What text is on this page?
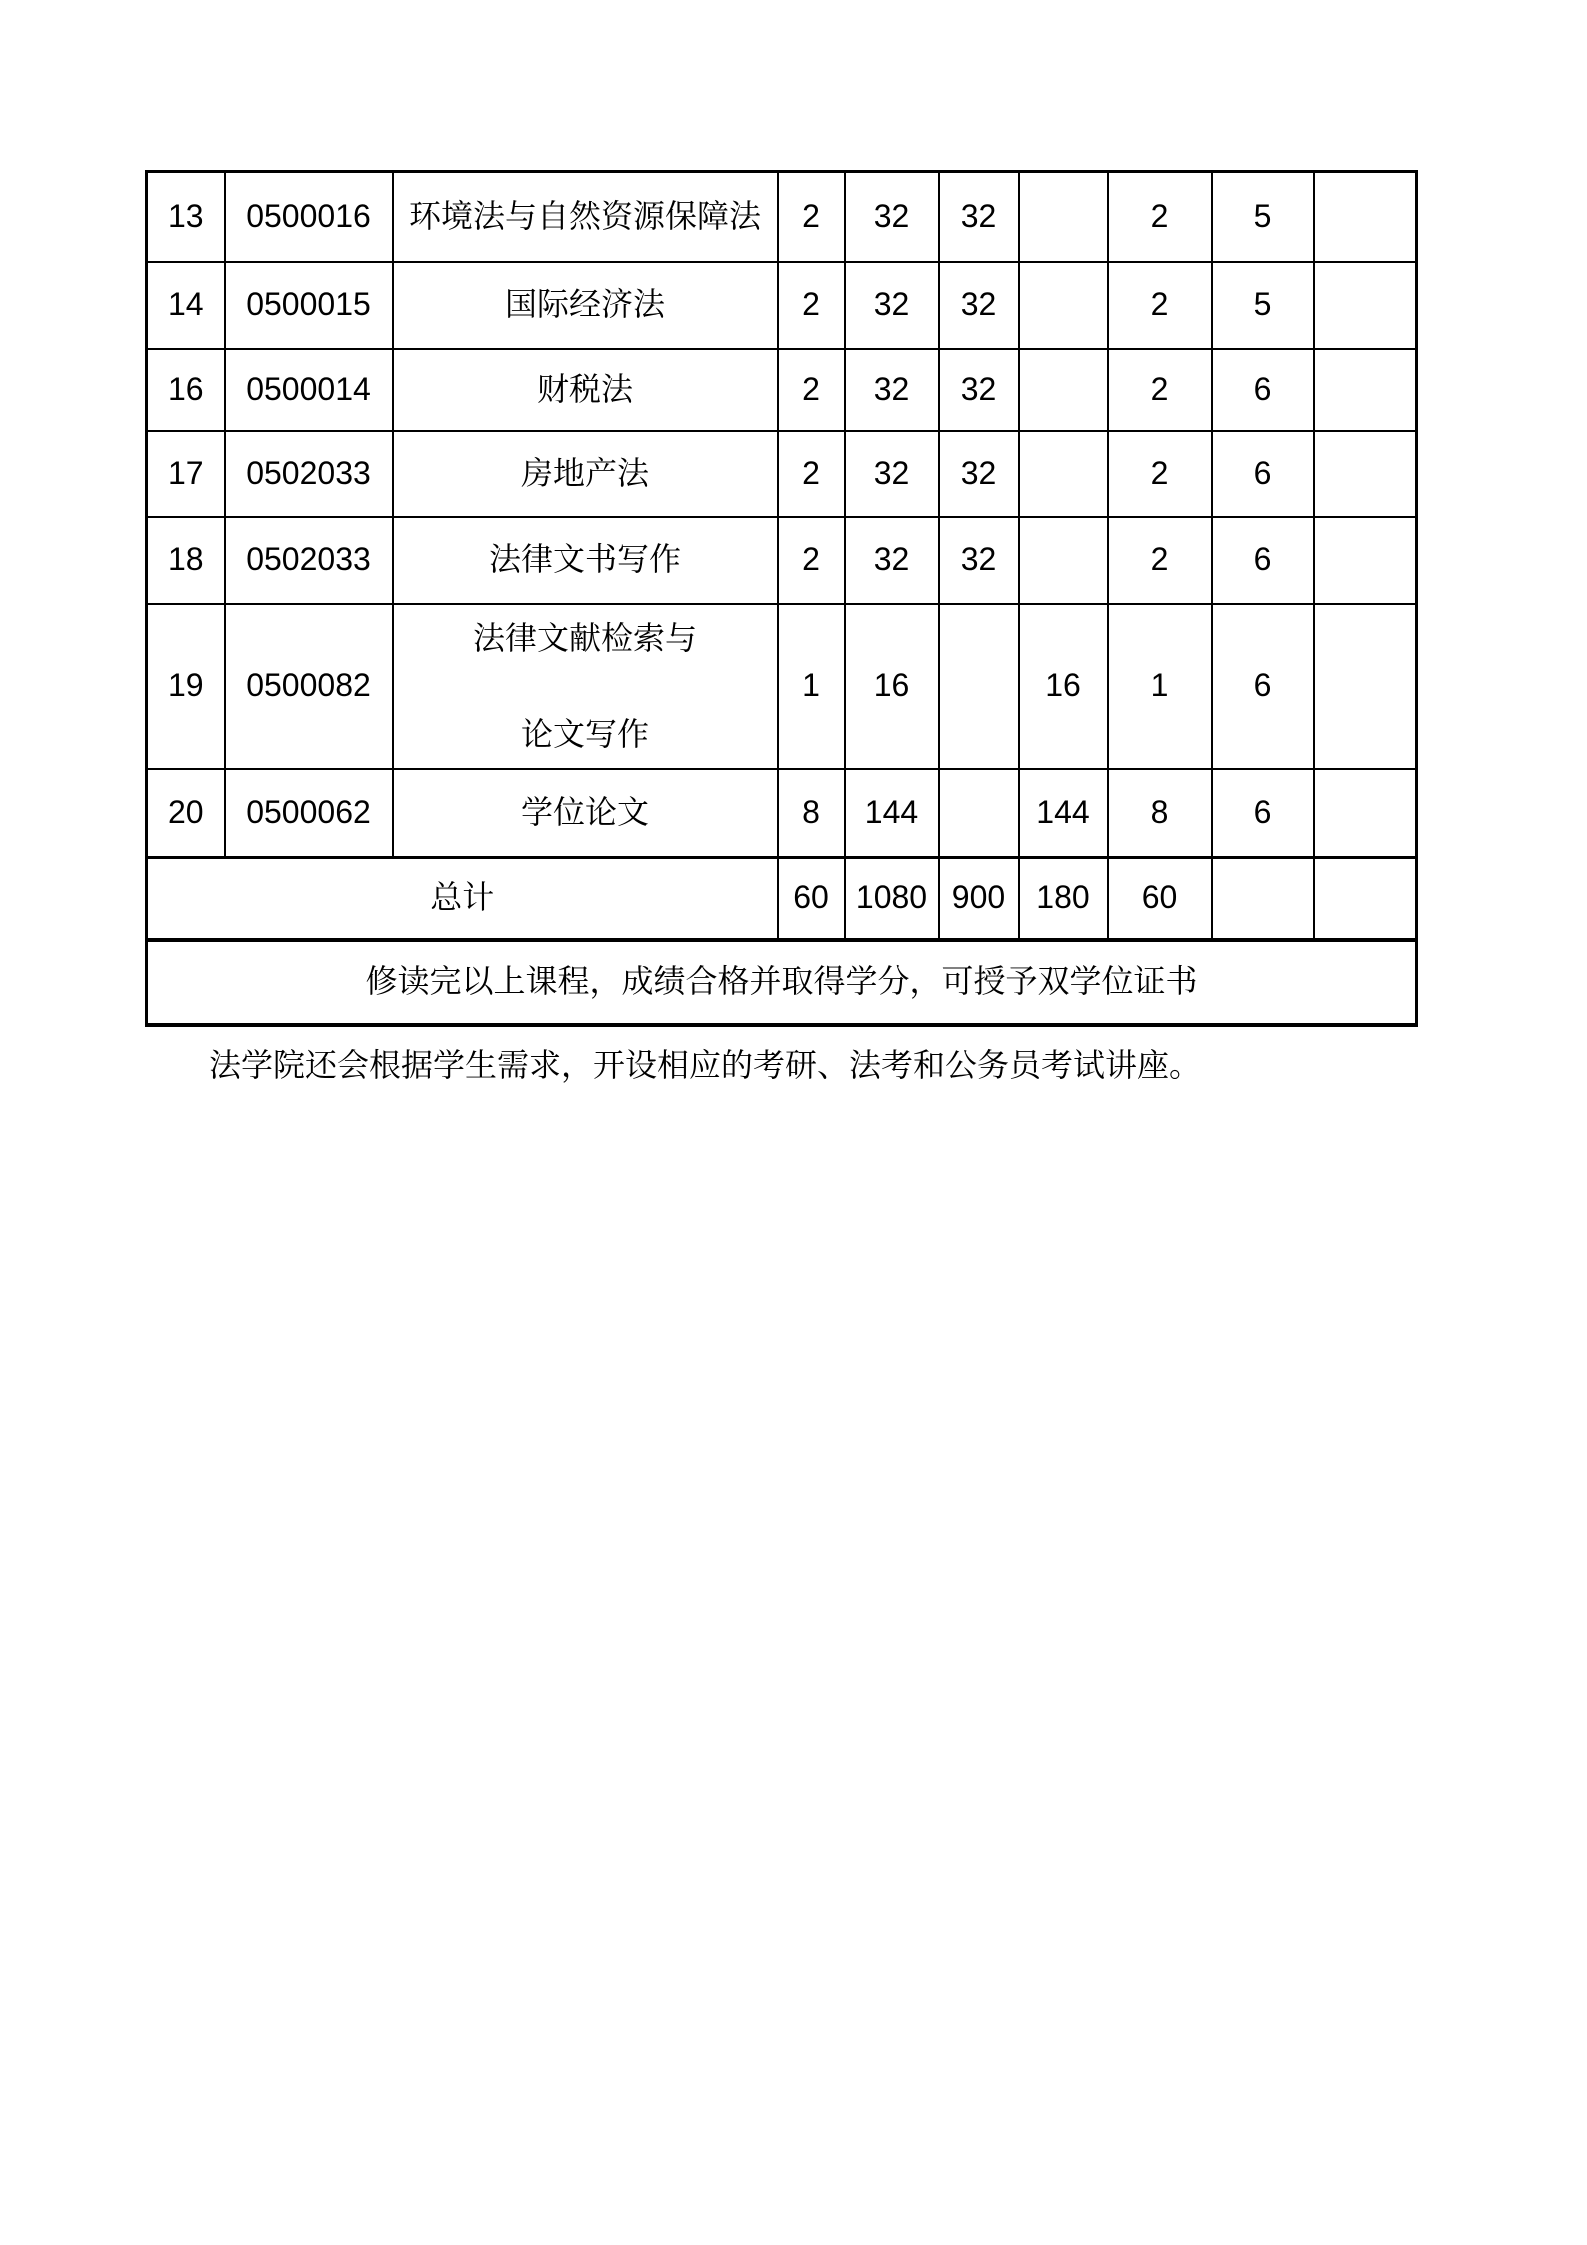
13	0500016	环境法与自然资源保障法	2	32	32		2	5	
14	0500015	国际经济法	2	32	32		2	5	
16	0500014	财税法	2	32	32		2	6	
17	0502033	房地产法	2	32	32		2	6	
18	0502033	法律文书写作	2	32	32		2	6	
19	0500082	法律文献检索与
论文写作	1	16		16	1	6	
20	0500062	学位论文	8	144		144	8	6	
总计			60	1080	900	180	60		
修读完以上课程，成绩合格并取得学分，可授予双学位证书									

法学院还会根据学生需求，开设相应的考研、法考和公务员考试讲座。
